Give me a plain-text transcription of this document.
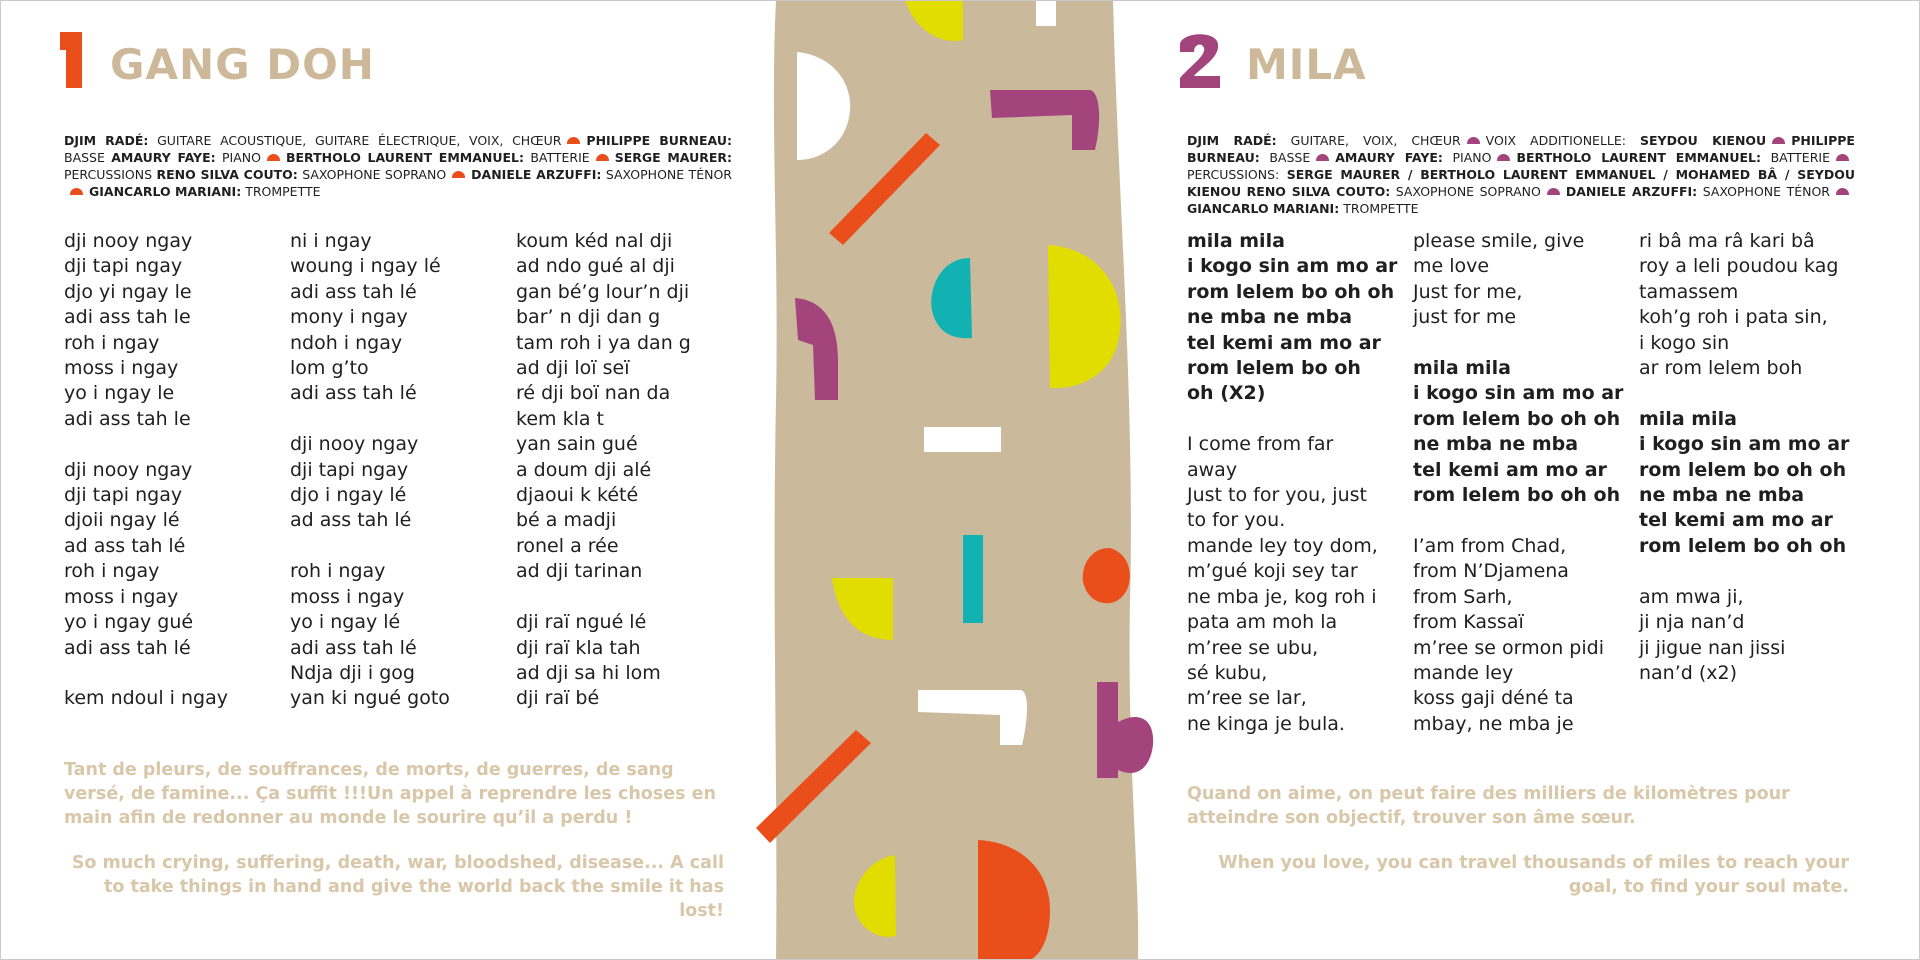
GANG DOH
DJIM RADÉ: GUITARE ACOUSTIQUE, GUITARE ÉLECTRIQUE, VOIX, CHŒUR PHILIPPE BURNEAU: BASSE AMAURY FAYE: PIANO BERTHOLO LAURENT EMMANUEL: BATTERIE SERGE MAURER: PERCUSSIONS RENO SILVA COUTO: SAXOPHONE SOPRANO DANIELE ARZUFFI: SAXOPHONE TÉNORGIANCARLO MARIANI: TROMPETTE
dji nooy ngay
dji tapi ngay
djo yi ngay le
adi ass tah le
roh i ngay
moss i ngay
yo i ngay le
adi ass tah le

dji nooy ngay
dji tapi ngay
djoii ngay lé
ad ass tah lé
roh i ngay
moss i ngay
yo i ngay gué
adi ass tah lé

kem ndoul i ngay
ni i ngay
woung i ngay lé
adi ass tah lé
mony i ngay
ndoh i ngay
lom g’to
adi ass tah lé

dji nooy ngay
dji tapi ngay
djo i ngay lé
ad ass tah lé

roh i ngay
moss i ngay
yo i ngay lé
adi ass tah lé
Ndja dji i gog
yan ki ngué goto
koum kéd nal dji
ad ndo gué al dji
gan bé’g lour’n dji
bar’ n dji dan g
tam roh i ya dan g
ad dji loï seï
ré dji boï nan da
kem kla t
yan sain gué
a doum dji alé
djaoui k kété
bé a madji
ronel a rée
ad dji tarinan

dji raï ngué lé
dji raï kla tah
ad dji sa hi lom
dji raï bé
Tant de pleurs, de souffrances, de morts, de guerres, de sang versé, de famine... Ça suffit !!!Un appel à reprendre les choses en main afin de redonner au monde le sourire qu’il a perdu !
So much crying, suffering, death, war, bloodshed, disease... A call to take things in hand and give the world back the smile it has lost!
MILA
DJIM RADÉ: GUITARE, VOIX, CHŒUR VOIX ADDITIONELLE: SEYDOU KIENOU PHILIPPE BURNEAU: BASSE AMAURY FAYE: PIANO BERTHOLO LAURENT EMMANUEL: BATTERIEPERCUSSIONS: SERGE MAURER / BERTHOLO LAURENT EMMANUEL / MOHAMED BÂ / SEYDOU KIENOU RENO SILVA COUTO: SAXOPHONE SOPRANO DANIELE ARZUFFI: SAXOPHONE TÉNORGIANCARLO MARIANI: TROMPETTE
mila mila
i kogo sin am mo ar
rom lelem bo oh oh
ne mba ne mba
tel kemi am mo ar
rom lelem bo oh
oh (X2)

I come from far
away
Just to for you, just
to for you.
mande ley toy dom,
m’gué koji sey tar
ne mba je, kog roh i
pata am moh la
m’ree se ubu,
sé kubu,
m’ree se lar,
ne kinga je bula.
please smile, give
me love
Just for me,
just for me

mila mila
i kogo sin am mo ar
rom lelem bo oh oh
ne mba ne mba
tel kemi am mo ar
rom lelem bo oh oh

I’am from Chad,
from N’Djamena
from Sarh,
from Kassaï
m’ree se ormon pidi
mande ley
koss gaji déné ta
mbay, ne mba je
ri bâ ma râ kari bâ
roy a leli poudou kag
tamassem
koh’g roh i pata sin,
i kogo sin
ar rom lelem boh

mila mila
i kogo sin am mo ar
rom lelem bo oh oh
ne mba ne mba
tel kemi am mo ar
rom lelem bo oh oh

am mwa ji,
ji nja nan’d
ji jigue nan jissi
nan’d (x2)
Quand on aime, on peut faire des milliers de kilomètres pour atteindre son objectif, trouver son âme sœur.
When you love, you can travel thousands of miles to reach your goal, to find your soul mate.
